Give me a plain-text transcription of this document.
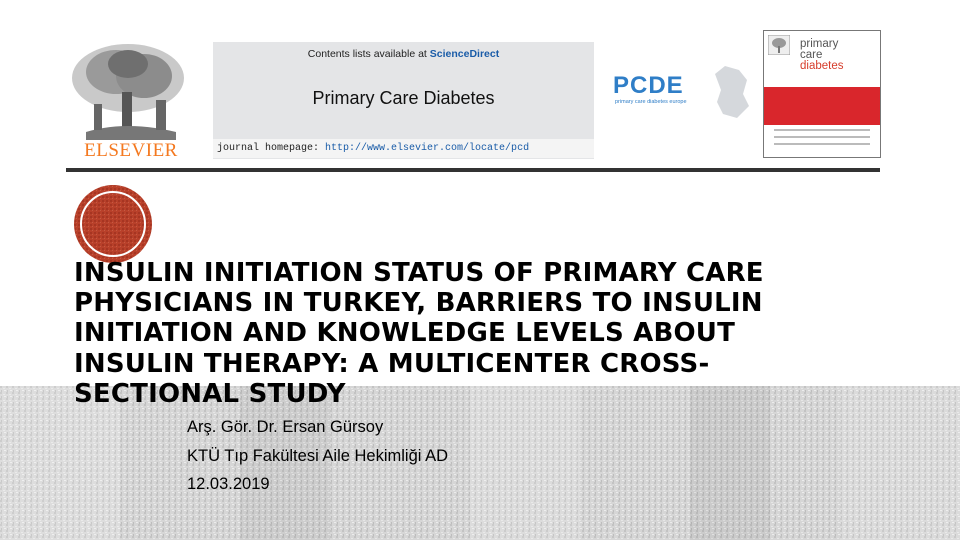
ELSEVIER
Contents lists available at ScienceDirect
Primary Care Diabetes
journal homepage: http://www.elsevier.com/locate/pcd
PCDE
primary care diabetes europe
primary
care
diabetes
INSULIN INITIATION STATUS OF PRIMARY CARE PHYSICIANS IN TURKEY, BARRIERS TO INSULIN INITIATION AND KNOWLEDGE LEVELS ABOUT INSULIN THERAPY: A MULTICENTER CROSS-SECTIONAL STUDY
Arş. Gör. Dr. Ersan Gürsoy
KTÜ Tıp Fakültesi Aile Hekimliği AD
12.03.2019
